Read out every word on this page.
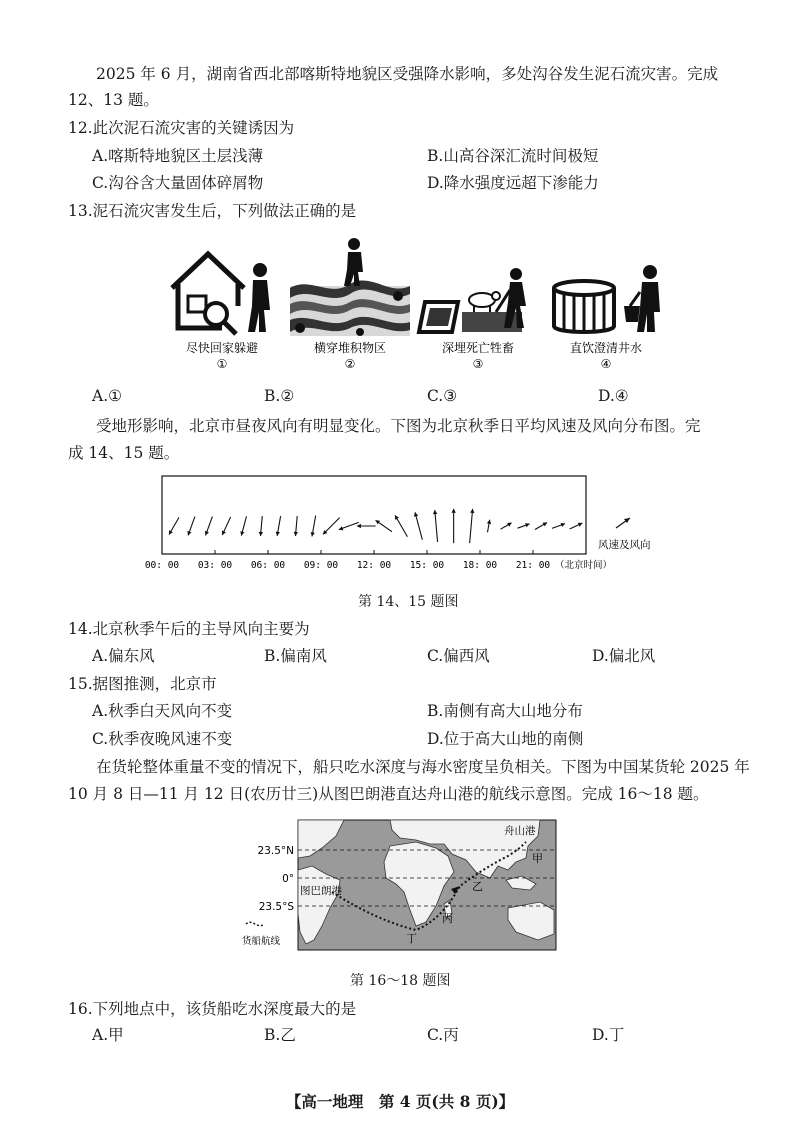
2025 年 6 月，湖南省西北部喀斯特地貌区受强降水影响，多处沟谷发生泥石流灾害。完成
12、13 题。
12.此次泥石流灾害的关键诱因为
A.喀斯特地貌区土层浅薄	B.山高谷深汇流时间极短
C.沟谷含大量固体碎屑物	D.降水强度远超下渗能力
13.泥石流灾害发生后，下列做法正确的是
尽快回家躲避
①
横穿堆积物区
②
深埋死亡牲畜
③
直饮澄清井水
④
A.①	B.②	C.③	D.④
受地形影响，北京市昼夜风向有明显变化。下图为北京秋季日平均风速及风向分布图。完
成 14、15 题。
00: 00 03: 00 06: 00 09: 00 12: 00 15: 00 18: 00 21: 00 （北京时间）
风速及风向
第 14、15 题图
14.北京秋季午后的主导风向主要为
A.偏东风	B.偏南风	C.偏西风	D.偏北风
15.据图推测，北京市
A.秋季白天风向不变	B.南侧有高大山地分布
C.秋季夜晚风速不变	D.位于高大山地的南侧
在货轮整体重量不变的情况下，船只吃水深度与海水密度呈负相关。下图为中国某货轮 2025 年
10 月 8 日—11 月 12 日(农历廿三)从图巴朗港直达舟山港的航线示意图。完成 16～18 题。
23.5°N
0°
23.5°S
图巴朗港
舟山港
甲
乙
丙
丁
货船航线
第 16～18 题图
16.下列地点中，该货船吃水深度最大的是
A.甲	B.乙	C.丙	D.丁
【高一地理　第 4 页(共 8 页)】
